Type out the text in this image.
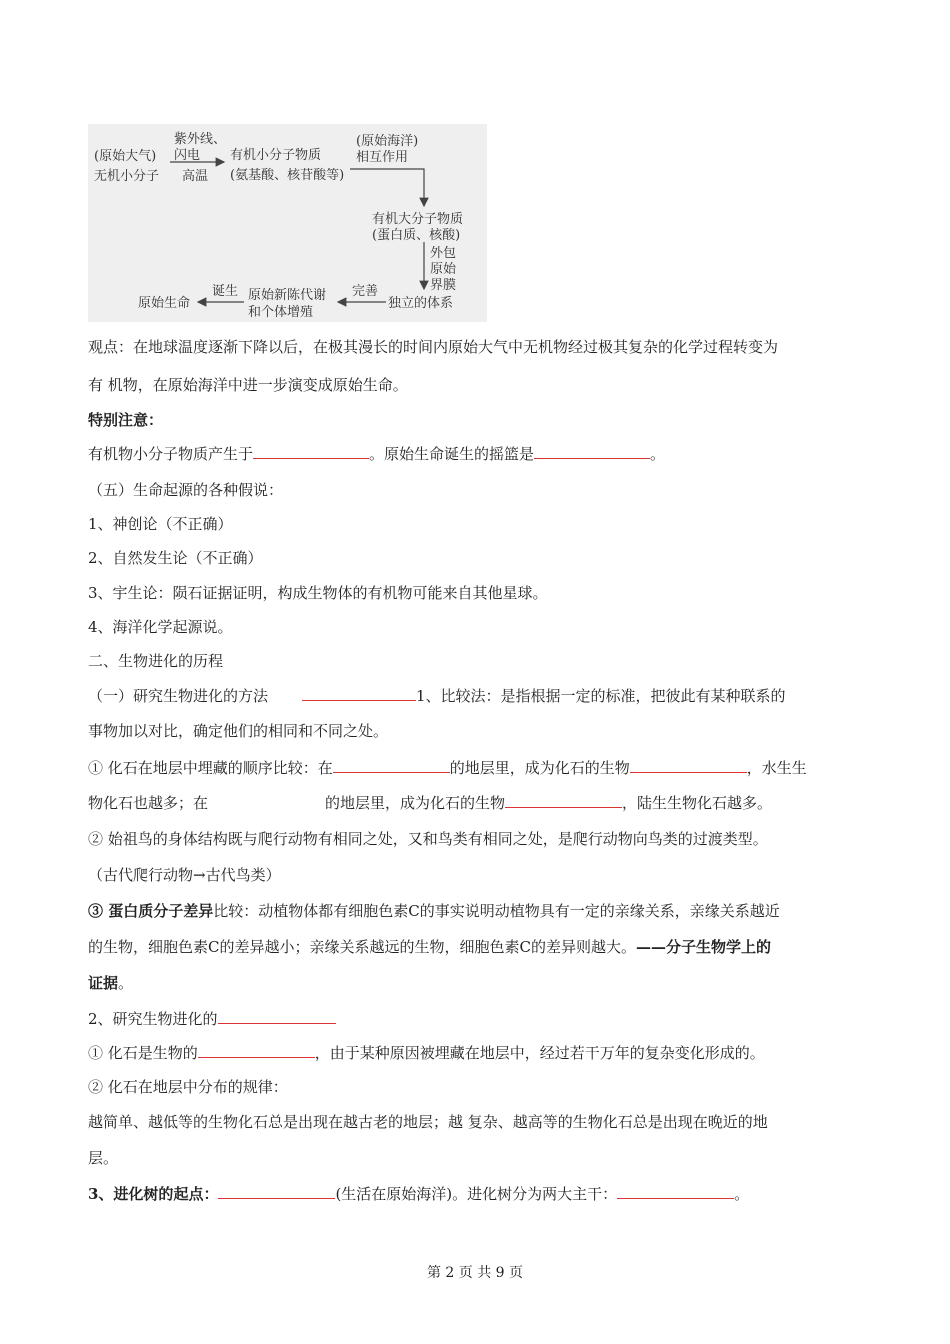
紫外线、
闪电
(原始大气)
无机小分子 高温
有机小分子物质
(氨基酸、核苷酸等)
(原始海洋)
相互作用
有机大分子物质
(蛋白质、核酸)
外包
原始
界膜
独立的体系
完善
原始新陈代谢
和个体增殖
诞生
原始生命
观点：在地球温度逐渐下降以后，在极其漫长的时间内原始大气中无机物经过极其复杂的化学过程转变为
有 机物，在原始海洋中进一步演变成原始生命。
特别注意：
有机物小分子物质产生于	。原始生命诞生的摇篮是	。
（五）生命起源的各种假说：
1、神创论（不正确）
2、自然发生论（不正确）
3、宇生论：陨石证据证明，构成生物体的有机物可能来自其他星球。
4、海洋化学起源说。
二、生物进化的历程
（一）研究生物进化的方法	1、比较法：是指根据一定的标准，把彼此有某种联系的
事物加以对比，确定他们的相同和不同之处。
① 化石在地层中埋藏的顺序比较：在	的地层里，成为化石的生物	，水生生
物化石也越多；在	的地层里，成为化石的生物	，陆生生物化石越多。
② 始祖鸟的身体结构既与爬行动物有相同之处，又和鸟类有相同之处，是爬行动物向鸟类的过渡类型。
（古代爬行动物→古代鸟类）
③ 蛋白质分子差异比较：动植物体都有细胞色素C的事实说明动植物具有一定的亲缘关系，亲缘关系越近
的生物，细胞色素C的差异越小；亲缘关系越远的生物，细胞色素C的差异则越大。——分子生物学上的
证据。
2、研究生物进化的
① 化石是生物的	，由于某种原因被埋藏在地层中，经过若干万年的复杂变化形成的。
② 化石在地层中分布的规律：
越简单、越低等的生物化石总是出现在越古老的地层；越 复杂、越高等的生物化石总是出现在晚近的地
层。
3、进化树的起点：	(生活在原始海洋)。进化树分为两大主干：	。
第 2 页 共 9 页
